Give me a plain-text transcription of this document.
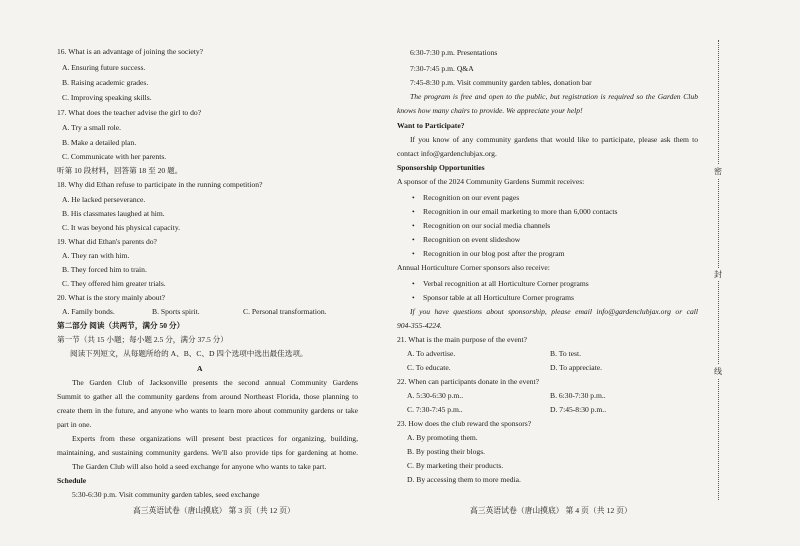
16. What is an advantage of joining the society?
A. Ensuring future success.
B. Raising academic grades.
C. Improving speaking skills.
17. What does the teacher advise the girl to do?
A. Try a small role.
B. Make a detailed plan.
C. Communicate with her parents.
听第 10 段材料，回答第 18 至 20 题。
18. Why did Ethan refuse to participate in the running competition?
A. He lacked perseverance.
B. His classmates laughed at him.
C. It was beyond his physical capacity.
19. What did Ethan's parents do?
A. They ran with him.
B. They forced him to train.
C. They offered him greater trials.
20. What is the story mainly about?
A. Family bonds.	B. Sports spirit.	C. Personal transformation.
第二部分 阅读（共两节，满分 50 分）
第一节（共 15 小题；每小题 2.5 分，满分 37.5 分）
阅读下列短文，从每题所给的 A、B、C、D 四个选项中选出最佳选项。
A
The Garden Club of Jacksonville presents the second annual Community Gardens
Summit to gather all the community gardens from around Northeast Florida, those planning to
create them in the future, and anyone who wants to learn more about community gardens or take
part in one.
Experts from these organizations will present best practices for organizing, building,
maintaining, and sustaining community gardens. We'll also provide tips for gardening at home.
The Garden Club will also hold a seed exchange for anyone who wants to take part.
Schedule
5:30-6:30 p.m. Visit community garden tables, seed exchange
高三英语试卷（唐山摸底） 第 3 页（共 12 页）
6:30-7:30 p.m. Presentations
7:30-7:45 p.m. Q&A
7:45-8:30 p.m. Visit community garden tables, donation bar
The program is free and open to the public, but registration is required so the Garden Club
knows how many chairs to provide. We appreciate your help!
Want to Participate?
If you know of any community gardens that would like to participate, please ask them to
contact info@gardenclubjax.org.
Sponsorship Opportunities
A sponsor of the 2024 Community Gardens Summit receives:
• Recognition on our event pages
• Recognition in our email marketing to more than 6,000 contacts
• Recognition on our social media channels
• Recognition on event slideshow
• Recognition in our blog post after the program
Annual Horticulture Corner sponsors also receive:
• Verbal recognition at all Horticulture Corner programs
• Sponsor table at all Horticulture Corner programs
If you have questions about sponsorship, please email info@gardenclubjax.org or call
904-355-4224.
21. What is the main purpose of the event?
A. To advertise.	B. To test.
C. To educate.	D. To appreciate.
22. When can participants donate in the event?
A. 5:30-6:30 p.m..	B. 6:30-7:30 p.m..
C. 7:30-7:45 p.m..	D. 7:45-8:30 p.m..
23. How does the club reward the sponsors?
A. By promoting them.
B. By posting their blogs.
C. By marketing their products.
D. By accessing them to more media.
高三英语试卷（唐山摸底） 第 4 页（共 12 页）
密
封
线
